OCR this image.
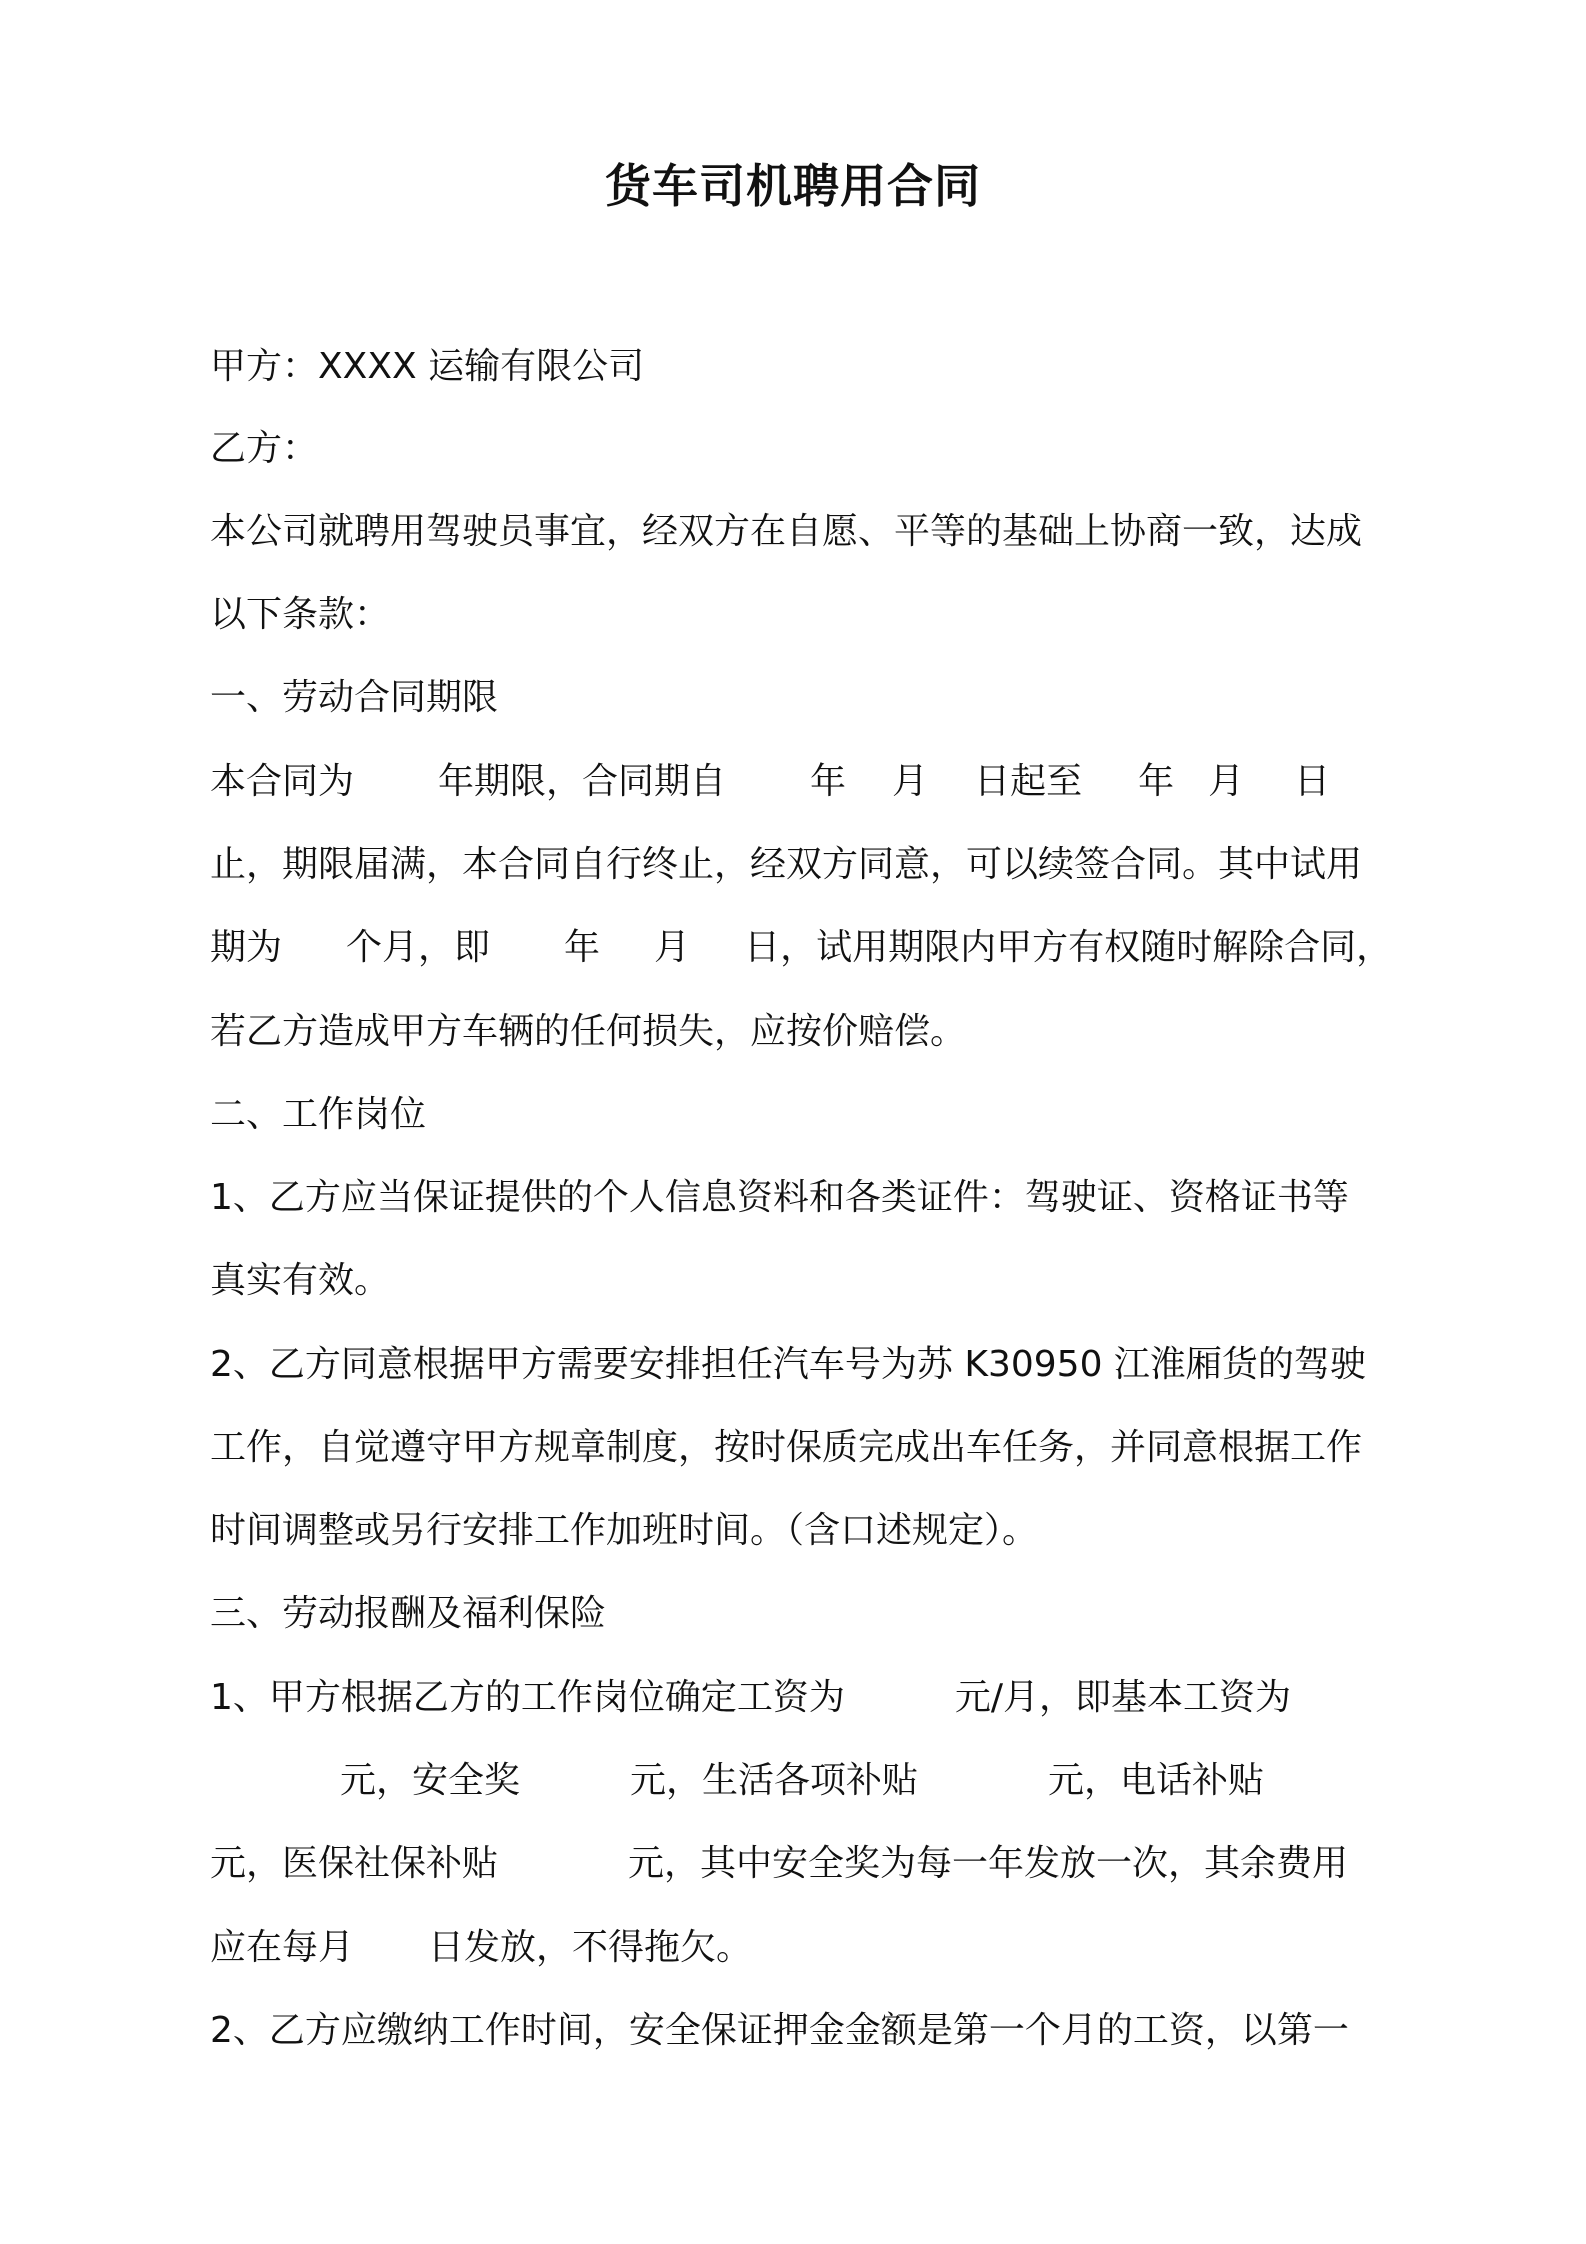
货车司机聘用合同
甲方：XXXX 运输有限公司
乙方：
本公司就聘用驾驶员事宜，经双方在自愿、平等的基础上协商一致，达成
以下条款：
一、劳动合同期限
本合同为 年期限，合同期自 年 月 日起至 年 月 日
止，期限届满，本合同自行终止，经双方同意，可以续签合同。其中试用
期为 个月，即 年 月 日，试用期限内甲方有权随时解除合同，
若乙方造成甲方车辆的任何损失，应按价赔偿。
二、工作岗位
1、乙方应当保证提供的个人信息资料和各类证件：驾驶证、资格证书等
真实有效。
2、乙方同意根据甲方需要安排担任汽车号为苏 K30950 江淮厢货的驾驶
工作，自觉遵守甲方规章制度，按时保质完成出车任务，并同意根据工作
时间调整或另行安排工作加班时间。（含口述规定）。
三、劳动报酬及福利保险
1、甲方根据乙方的工作岗位确定工资为	元/月，即基本工资为
元，安全奖	元，生活各项补贴	元，电话补贴
元，医保社保补贴	元，其中安全奖为每一年发放一次，其余费用
应在每月 日发放，不得拖欠。
2、乙方应缴纳工作时间，安全保证押金金额是第一个月的工资，以第一
